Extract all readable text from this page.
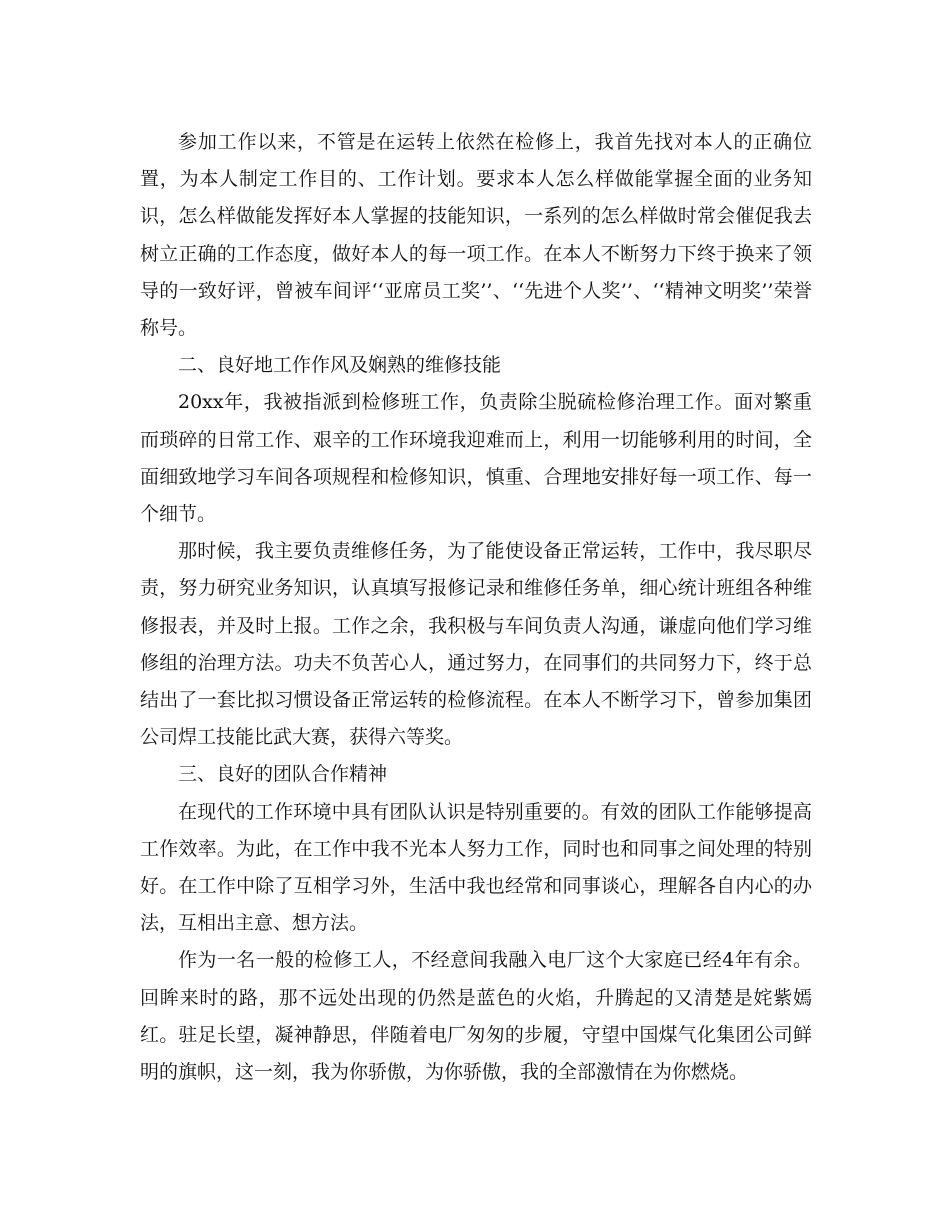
参加工作以来，不管是在运转上依然在检修上，我首先找对本人的正确位置，为本人制定工作目的、工作计划。要求本人怎么样做能掌握全面的业务知识，怎么样做能发挥好本人掌握的技能知识，一系列的怎么样做时常会催促我去树立正确的工作态度，做好本人的每一项工作。在本人不断努力下终于换来了领导的一致好评，曾被车间评‘‘亚席员工奖’’、‘‘先进个人奖’’、‘‘精神文明奖’’荣誉称号。

二、良好地工作作风及娴熟的维修技能

20xx年，我被指派到检修班工作，负责除尘脱硫检修治理工作。面对繁重而琐碎的日常工作、艰辛的工作环境我迎难而上，利用一切能够利用的时间，全面细致地学习车间各项规程和检修知识，慎重、合理地安排好每一项工作、每一个细节。

那时候，我主要负责维修任务，为了能使设备正常运转，工作中，我尽职尽责，努力研究业务知识，认真填写报修记录和维修任务单，细心统计班组各种维修报表，并及时上报。工作之余，我积极与车间负责人沟通，谦虚向他们学习维修组的治理方法。功夫不负苦心人，通过努力，在同事们的共同努力下，终于总结出了一套比拟习惯设备正常运转的检修流程。在本人不断学习下，曾参加集团公司焊工技能比武大赛，获得六等奖。

三、良好的团队合作精神

在现代的工作环境中具有团队认识是特别重要的。有效的团队工作能够提高工作效率。为此，在工作中我不光本人努力工作，同时也和同事之间处理的特别好。在工作中除了互相学习外，生活中我也经常和同事谈心，理解各自内心的办法，互相出主意、想方法。

作为一名一般的检修工人，不经意间我融入电厂这个大家庭已经4年有余。回眸来时的路，那不远处出现的仍然是蓝色的火焰，升腾起的又清楚是姹紫嫣红。驻足长望，凝神静思，伴随着电厂匆匆的步履，守望中国煤气化集团公司鲜明的旗帜，这一刻，我为你骄傲，为你骄傲，我的全部激情在为你燃烧。
